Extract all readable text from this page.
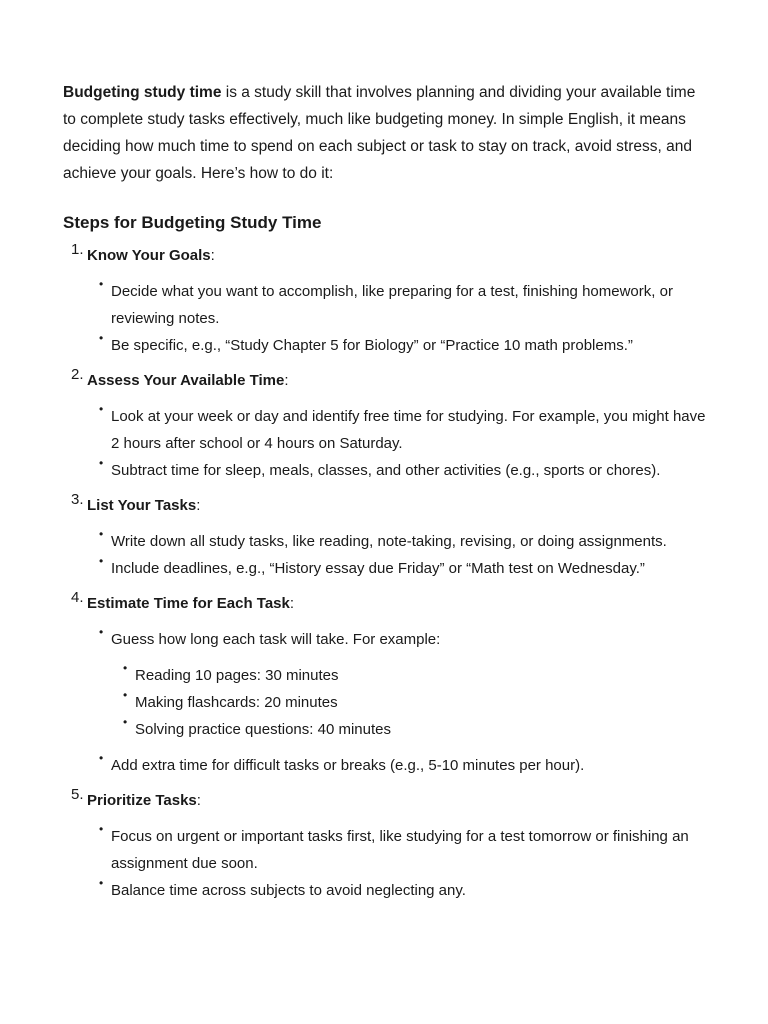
Budgeting study time is a study skill that involves planning and dividing your available time to complete study tasks effectively, much like budgeting money. In simple English, it means deciding how much time to spend on each subject or task to stay on track, avoid stress, and achieve your goals. Here’s how to do it:

Steps for Budgeting Study Time
1. Know Your Goals:
• Decide what you want to accomplish, like preparing for a test, finishing homework, or reviewing notes.
• Be specific, e.g., “Study Chapter 5 for Biology” or “Practice 10 math problems.”
2. Assess Your Available Time:
• Look at your week or day and identify free time for studying. For example, you might have 2 hours after school or 4 hours on Saturday.
• Subtract time for sleep, meals, classes, and other activities (e.g., sports or chores).
3. List Your Tasks:
• Write down all study tasks, like reading, note-taking, revising, or doing assignments.
• Include deadlines, e.g., “History essay due Friday” or “Math test on Wednesday.”
4. Estimate Time for Each Task:
• Guess how long each task will take. For example:
• Reading 10 pages: 30 minutes
• Making flashcards: 20 minutes
• Solving practice questions: 40 minutes
• Add extra time for difficult tasks or breaks (e.g., 5-10 minutes per hour).
5. Prioritize Tasks:
• Focus on urgent or important tasks first, like studying for a test tomorrow or finishing an assignment due soon.
• Balance time across subjects to avoid neglecting any.
